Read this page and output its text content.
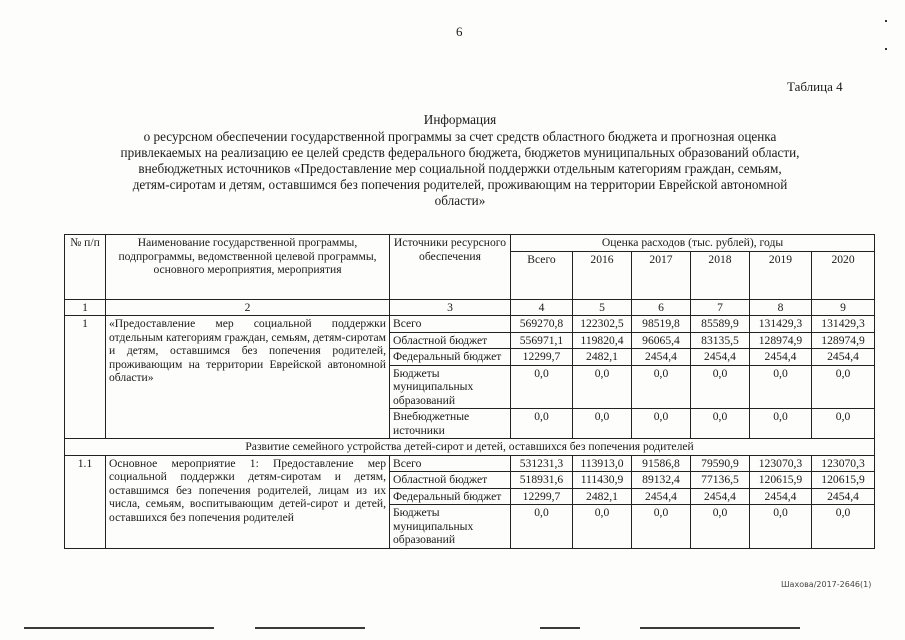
6
Таблица 4
Информация
о ресурсном обеспечении государственной программы за счет средств областного бюджета и прогнозная оценка
привлекаемых на реализацию ее целей средств федерального бюджета, бюджетов муниципальных образований области,
внебюджетных источников «Предоставление мер социальной поддержки отдельным категориям граждан, семьям,
детям-сиротам и детям, оставшимся без попечения родителей, проживающим на территории Еврейской автономной
области»
№ п/п	Наименование государственной программы, подпрограммы, ведомственной целевой программы, основного мероприятия, мероприятия	Источники ресурсного обеспечения	Оценка расходов (тыс. рублей), годы					
			Всего	2016	2017	2018	2019	2020
1	2	3	4	5	6	7	8	9
1	«Предоставление мер социальной поддержки отдельным категориям граждан, семьям, детям-сиротам и детям, оставшимся без попечения родителей, проживающим на территории Еврейской автономной области»	Всего	569270,8	122302,5	98519,8	85589,9	131429,3	131429,3
		Областной бюджет	556971,1	119820,4	96065,4	83135,5	128974,9	128974,9
		Федеральный бюджет	12299,7	2482,1	2454,4	2454,4	2454,4	2454,4
		Бюджеты муниципальных образований	0,0	0,0	0,0	0,0	0,0	0,0
		Внебюджетные источники	0,0	0,0	0,0	0,0	0,0	0,0
Развитие семейного устройства детей-сирот и детей, оставшихся без попечения родителей								
1.1	Основное мероприятие 1: Предоставление мер социальной поддержки детям-сиротам и детям, оставшимся без попечения родителей, лицам из их числа, семьям, воспитывающим детей-сирот и детей, оставшихся без попечения родителей	Всего	531231,3	113913,0	91586,8	79590,9	123070,3	123070,3
		Областной бюджет	518931,6	111430,9	89132,4	77136,5	120615,9	120615,9
		Федеральный бюджет	12299,7	2482,1	2454,4	2454,4	2454,4	2454,4
		Бюджеты муниципальных образований	0,0	0,0	0,0	0,0	0,0	0,0
Шахова/2017-2646(1)
